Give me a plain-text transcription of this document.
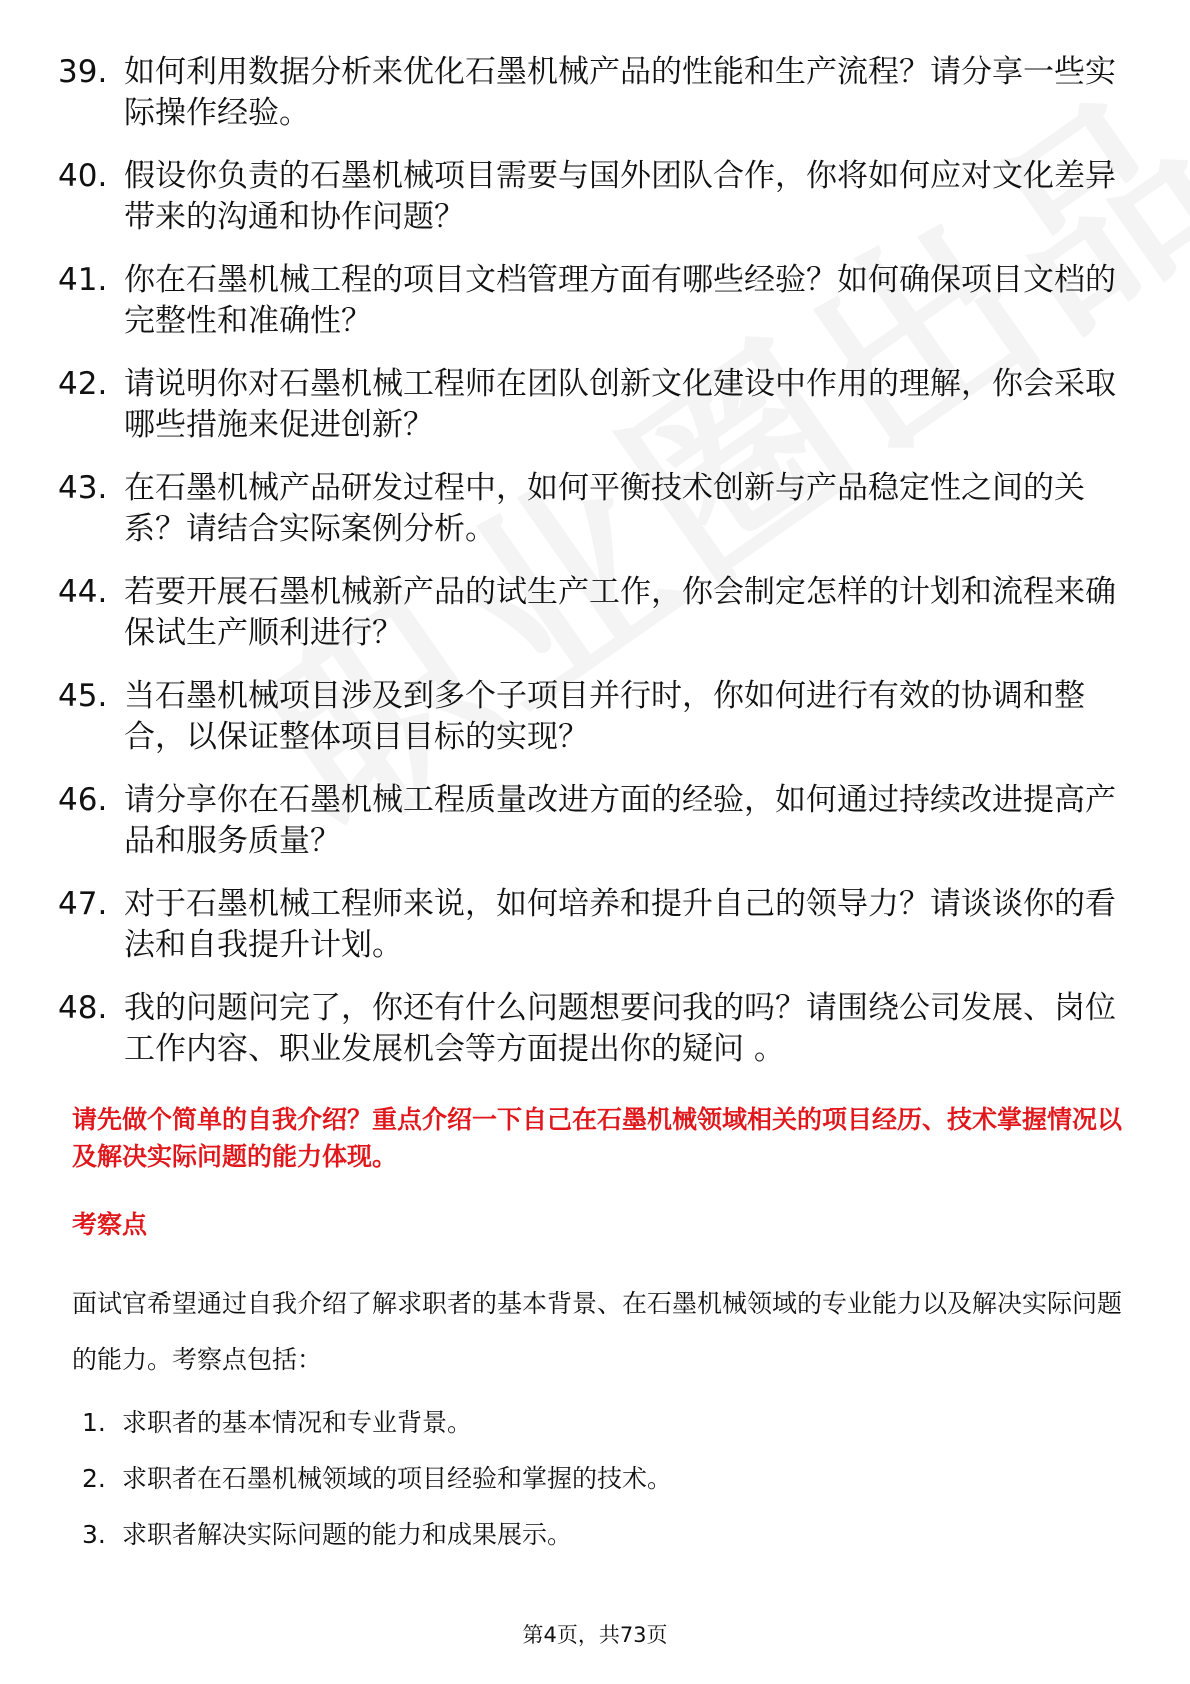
39. 如何利用数据分析来优化石墨机械产品的性能和生产流程？请分享一些实际操作经验。
40. 假设你负责的石墨机械项目需要与国外团队合作，你将如何应对文化差异带来的沟通和协作问题？
41. 你在石墨机械工程的项目文档管理方面有哪些经验？如何确保项目文档的完整性和准确性？
42. 请说明你对石墨机械工程师在团队创新文化建设中作用的理解，你会采取哪些措施来促进创新？
43. 在石墨机械产品研发过程中，如何平衡技术创新与产品稳定性之间的关系？请结合实际案例分析。
44. 若要开展石墨机械新产品的试生产工作，你会制定怎样的计划和流程来确保试生产顺利进行？
45. 当石墨机械项目涉及到多个子项目并行时，你如何进行有效的协调和整合，以保证整体项目目标的实现？
46. 请分享你在石墨机械工程质量改进方面的经验，如何通过持续改进提高产品和服务质量？
47. 对于石墨机械工程师来说，如何培养和提升自己的领导力？请谈谈你的看法和自我提升计划。
48. 我的问题问完了，你还有什么问题想要问我的吗？请围绕公司发展、岗位工作内容、职业发展机会等方面提出你的疑问 。
请先做个简单的自我介绍？重点介绍一下自己在石墨机械领域相关的项目经历、技术掌握情况以及解决实际问题的能力体现。
考察点
面试官希望通过自我介绍了解求职者的基本背景、在石墨机械领域的专业能力以及解决实际问题的能力。考察点包括：
1. 求职者的基本情况和专业背景。
2. 求职者在石墨机械领域的项目经验和掌握的技术。
3. 求职者解决实际问题的能力和成果展示。
第4页，共73页
